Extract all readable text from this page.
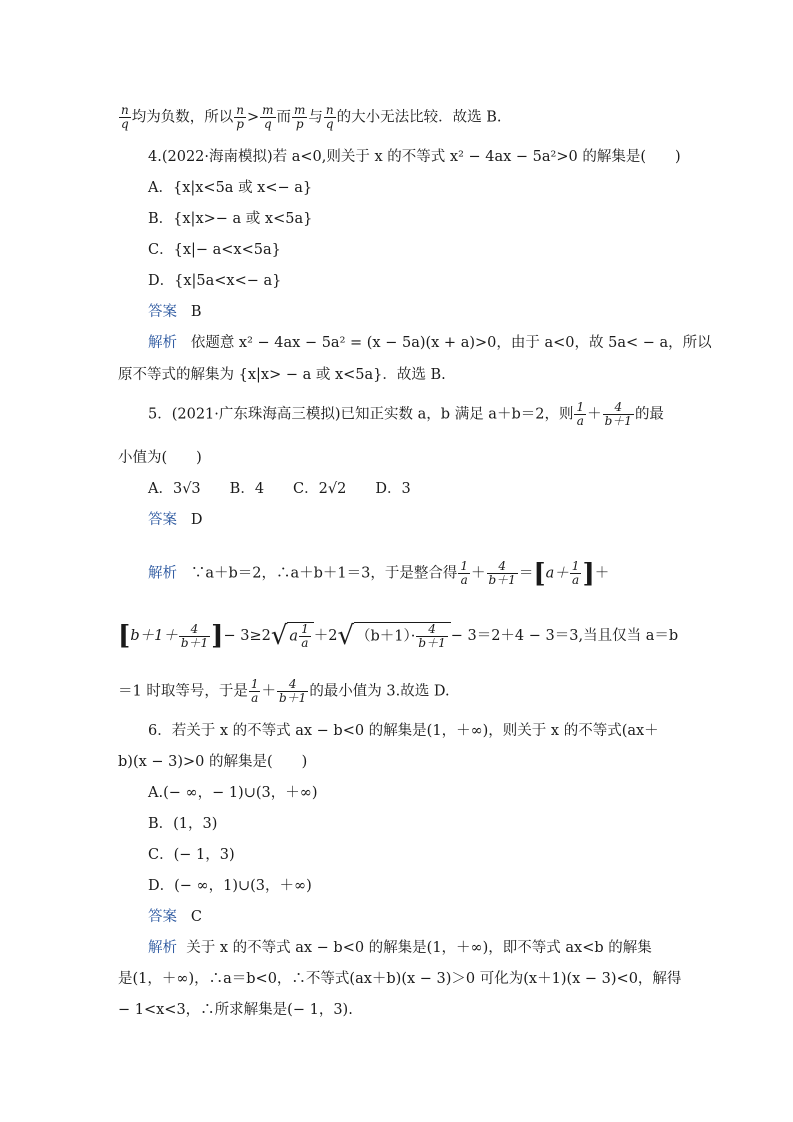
$\frac{n}{q}$ 均为负数，所以 $\frac{n}{p} > \frac{m}{q}$ 而 $\frac{m}{p}$ 与 $\frac{n}{q}$ 的大小无法比较．故选 B.
4.(2022·海南模拟)若 a<0,则关于 x 的不等式 x² − 4ax − 5a²>0 的解集是(　　)
A．{x|x<5a 或 x<− a}
B．{x|x>− a 或 x<5a}
C．{x|− a<x<5a}
D．{x|5a<x<− a}
答案 B
解析 依题意 x² − 4ax − 5a² = (x − 5a)(x + a)>0，由于 a<0，故 5a< − a，所以
原不等式的解集为 {x|x> − a 或 x<5a}．故选 B.
5．(2021·广东珠海高三模拟)已知正实数 a，b 满足 a＋b＝2，则 $\frac{1}{a} + \frac{4}{b+1}$ 的最
小值为(　　)
A．3√3　　B．4　　C．2√2　　D．3
答案 D
解析 ∵a＋b＝2，∴a＋b＋1＝3，于是整合得 $\frac{1}{a} + \frac{4}{b+1} =[a+ \frac{1}{a}$ ]＋
[$b+1+ \frac{4}{b+1}$ ]− 3≥2√ a $\frac{1}{a} +2√$ $(b+1)\cdot \frac{4}{b+1} - 3=2+4 - 3=3$,当且仅当 a＝b
＝1 时取等号，于是 $\frac{1}{a} + \frac{4}{b+1}$ 的最小值为 3.故选 D.
6．若关于 x 的不等式 ax − b<0 的解集是(1，＋∞)，则关于 x 的不等式(ax＋
b)(x − 3)>0 的解集是(　　)
A.(− ∞，− 1)∪(3，＋∞)
B．(1，3)
C．(− 1，3)
D．(− ∞，1)∪(3，＋∞)
答案 C
解析 关于 x 的不等式 ax − b<0 的解集是(1，＋∞)，即不等式 ax<b 的解集
是(1，＋∞)，∴a＝b<0，∴不等式(ax＋b)(x − 3)＞0 可化为(x＋1)(x − 3)<0，解得
− 1<x<3，∴所求解集是(− 1，3).
